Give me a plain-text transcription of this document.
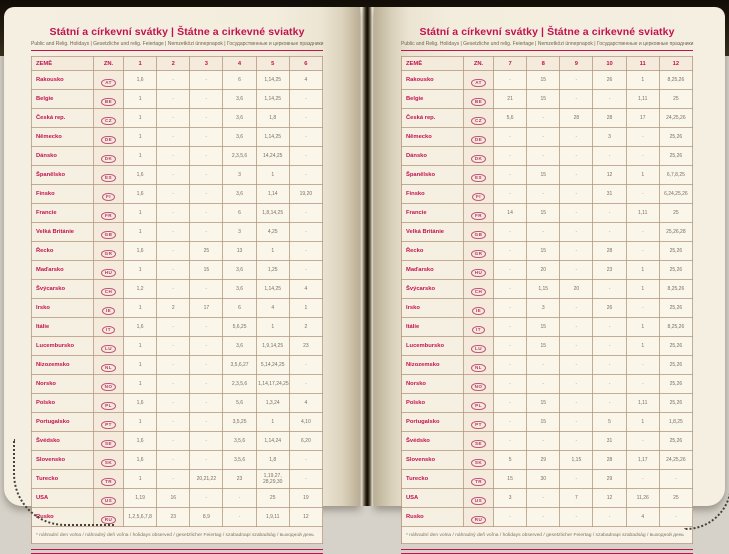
Státní a církevní svátky | Štátne a cirkevné sviatky
Public and Relig. Holidays | Gesetzliche und relig. Feiertage | Nemzetközi ünnepnapok | Государственные и церковные праздники
ZEMĚ	ZN.	1	2	3	4	5	6
Rakousko	AT	1,6	-	-	6	1,14,25	4
Belgie	BE	1	-	-	3,6	1,14,25	-
Česká rep.	CZ	1	-	-	3,6	1,8	-
Německo	DE	1	-	-	3,6	1,14,25	-
Dánsko	DK	1	-	-	2,3,5,6	14,24,25	-
Španělsko	ES	1,6	-	-	3	1	-
Finsko	FI	1,6	-	-	3,6	1,14	19,20
Francie	FR	1	-	-	6	1,8,14,25	-
Velká Británie	GB	1	-	-	3	4,25	-
Řecko	GR	1,6	-	25	13	1	-
Maďarsko	HU	1	-	15	3,6	1,25	-
Švýcarsko	CH	1,2	-	-	3,6	1,14,25	4
Irsko	IE	1	2	17	6	4	1
Itálie	IT	1,6	-	-	5,6,25	1	2
Lucembursko	LU	1	-	-	3,6	1,9,14,25	23
Nizozemsko	NL	1	-	-	3,5,6,27	5,14,24,25	-
Norsko	NO	1	-	-	2,3,5,6	1,14,17,24,25	-
Polsko	PL	1,6	-	-	5,6	1,3,24	4
Portugalsko	PT	1	-	-	3,5,25	1	4,10
Švédsko	SE	1,6	-	-	3,5,6	1,14,24	6,20
Slovensko	SK	1,6	-	-	3,5,6	1,8	-
Turecko	TR	1	-	20,21,22	23	1,19,27, 28,29,30	-
USA	US	1,19	16	-	-	25	19
Rusko	RU	1,2,5,6,7,8	23	8,9	-	1,9,11	12
* náhradní den volna / náhradný deň voľna / holidays observed / gesetzlicher Feiertag / szabadnapi szabadság / выходной день							
Státní a církevní svátky | Štátne a cirkevné sviatky
Public and Relig. Holidays | Gesetzliche und relig. Feiertage | Nemzetközi ünnepnapok | Государственные и церковные праздники
ZEMĚ	ZN.	7	8	9	10	11	12
Rakousko	AT	-	15	-	26	1	8,25,26
Belgie	BE	21	15	-	-	1,11	25
Česká rep.	CZ	5,6	-	28	28	17	24,25,26
Německo	DE	-	-	-	3	-	25,26
Dánsko	DK	-	-	-	-	-	25,26
Španělsko	ES	-	15	-	12	1	6,7,8,25
Finsko	FI	-	-	-	31	-	6,24,25,26
Francie	FR	14	15	-	-	1,11	25
Velká Británie	GB	-	-	-	-	-	25,26,28
Řecko	GR	-	15	-	28	-	25,26
Maďarsko	HU	-	20	-	23	1	25,26
Švýcarsko	CH	-	1,15	20	-	1	8,25,26
Irsko	IE	-	3	-	26	-	25,26
Itálie	IT	-	15	-	-	1	8,25,26
Lucembursko	LU	-	15	-	-	1	25,26
Nizozemsko	NL	-	-	-	-	-	25,26
Norsko	NO	-	-	-	-	-	25,26
Polsko	PL	-	15	-	-	1,11	25,26
Portugalsko	PT	-	15	-	5	1	1,8,25
Švédsko	SE	-	-	-	31	-	25,26
Slovensko	SK	5	29	1,15	28	1,17	24,25,26
Turecko	TR	15	30	-	29	-	-
USA	US	3	-	7	12	11,26	25
Rusko	RU	-	-	-	-	4	-
* náhradní den volna / náhradný deň voľna / holidays observed / gesetzlicher Feiertag / szabadnapi szabadság / выходной день							
